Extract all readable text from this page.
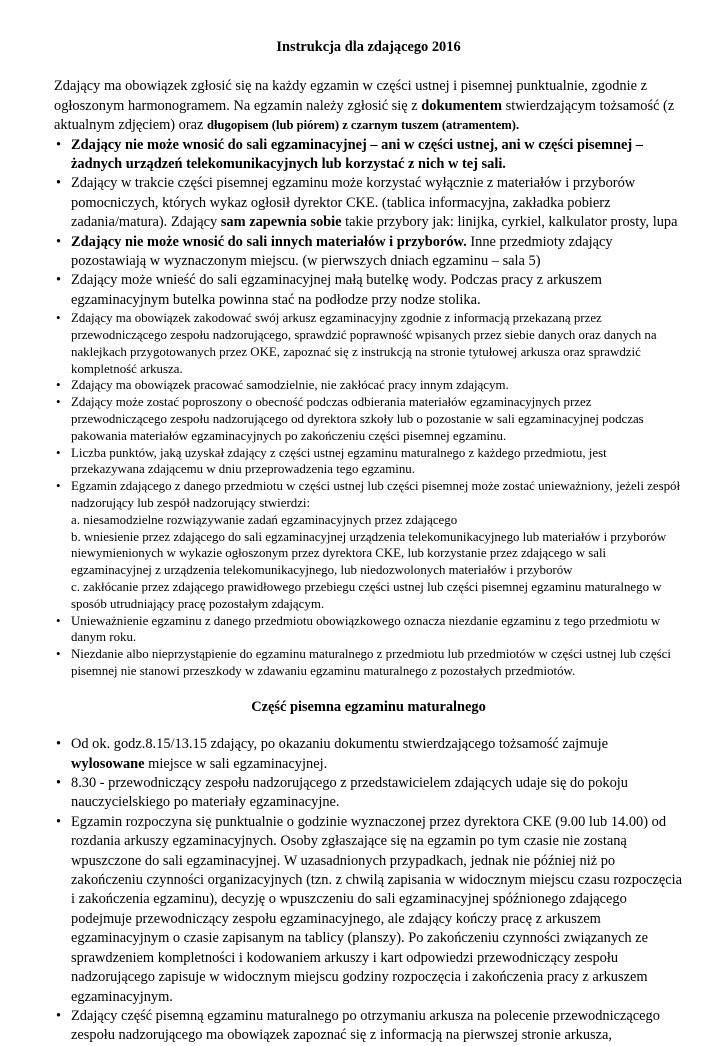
Instrukcja dla zdającego 2016

Zdający ma obowiązek zgłosić się na każdy egzamin w części ustnej i pisemnej punktualnie, zgodnie z ogłoszonym harmonogramem. Na egzamin należy zgłosić się z dokumentem stwierdzającym tożsamość (z aktualnym zdjęciem) oraz długopisem (lub piórem) z czarnym tuszem (atramentem).

• Zdający nie może wnosić do sali egzaminacyjnej – ani w części ustnej, ani w części pisemnej – żadnych urządzeń telekomunikacyjnych lub korzystać z nich w tej sali.
• Zdający w trakcie części pisemnej egzaminu może korzystać wyłącznie z materiałów i przyborów pomocniczych, których wykaz ogłosił dyrektor CKE. (tablica informacyjna, zakładka pobierz zadania/matura). Zdający sam zapewnia sobie takie przybory jak: linijka, cyrkiel, kalkulator prosty, lupa
• Zdający nie może wnosić do sali innych materiałów i przyborów. Inne przedmioty zdający pozostawiają w wyznaczonym miejscu. (w pierwszych dniach egzaminu – sala 5)
• Zdający może wnieść do sali egzaminacyjnej małą butelkę wody. Podczas pracy z arkuszem egzaminacyjnym butelka powinna stać na podłodze przy nodze stolika.
• Zdający ma obowiązek zakodować swój arkusz egzaminacyjny zgodnie z informacją przekazaną przez przewodniczącego zespołu nadzorującego, sprawdzić poprawność wpisanych przez siebie danych oraz danych na naklejkach przygotowanych przez OKE, zapoznać się z instrukcją na stronie tytułowej arkusza oraz sprawdzić kompletność arkusza.
• Zdający ma obowiązek pracować samodzielnie, nie zakłócać pracy innym zdającym.
• Zdający może zostać poproszony o obecność podczas odbierania materiałów egzaminacyjnych przez przewodniczącego zespołu nadzorującego od dyrektora szkoły lub o pozostanie w sali egzaminacyjnej podczas pakowania materiałów egzaminacyjnych po zakończeniu części pisemnej egzaminu.
• Liczba punktów, jaką uzyskał zdający z części ustnej egzaminu maturalnego z każdego przedmiotu, jest przekazywana zdającemu w dniu przeprowadzenia tego egzaminu.
• Egzamin zdającego z danego przedmiotu w części ustnej lub części pisemnej może zostać unieważniony, jeżeli zespół nadzorujący lub zespół nadzorujący stwierdzi:
a. niesamodzielne rozwiązywanie zadań egzaminacyjnych przez zdającego
b. wniesienie przez zdającego do sali egzaminacyjnej urządzenia telekomunikacyjnego lub materiałów i przyborów niewymienionych w wykazie ogłoszonym przez dyrektora CKE, lub korzystanie przez zdającego w sali egzaminacyjnej z urządzenia telekomunikacyjnego, lub niedozwolonych materiałów i przyborów
c. zakłócanie przez zdającego prawidłowego przebiegu części ustnej lub części pisemnej egzaminu maturalnego w sposób utrudniający pracę pozostałym zdającym.
• Unieważnienie egzaminu z danego przedmiotu obowiązkowego oznacza niezdanie egzaminu z tego przedmiotu w danym roku.
• Niezdanie albo nieprzystąpienie do egzaminu maturalnego z przedmiotu lub przedmiotów w części ustnej lub części pisemnej nie stanowi przeszkody w zdawaniu egzaminu maturalnego z pozostałych przedmiotów.
Część pisemna egzaminu maturalnego
• Od ok. godz.8.15/13.15 zdający, po okazaniu dokumentu stwierdzającego tożsamość zajmuje wylosowane miejsce w sali egzaminacyjnej.
• 8.30 - przewodniczący zespołu nadzorującego z przedstawicielem zdających udaje się do pokoju nauczycielskiego po materiały egzaminacyjne.
• Egzamin rozpoczyna się punktualnie o godzinie wyznaczonej przez dyrektora CKE (9.00 lub 14.00) od rozdania arkuszy egzaminacyjnych. Osoby zgłaszające się na egzamin po tym czasie nie zostaną wpuszczone do sali egzaminacyjnej. W uzasadnionych przypadkach, jednak nie później niż po zakończeniu czynności organizacyjnych (tzn. z chwilą zapisania w widocznym miejscu czasu rozpoczęcia i zakończenia egzaminu), decyzję o wpuszczeniu do sali egzaminacyjnej spóźnionego zdającego podejmuje przewodniczący zespołu egzaminacyjnego, ale zdający kończy pracę z arkuszem egzaminacyjnym o czasie zapisanym na tablicy (planszy). Po zakończeniu czynności związanych ze sprawdzeniem kompletności i kodowaniem arkuszy i kart odpowiedzi przewodniczący zespołu nadzorującego zapisuje w widocznym miejscu godziny rozpoczęcia i zakończenia pracy z arkuszem egzaminacyjnym.
• Zdający część pisemną egzaminu maturalnego po otrzymaniu arkusza na polecenie przewodniczącego zespołu nadzorującego ma obowiązek zapoznać się z informacją na pierwszej stronie arkusza,
